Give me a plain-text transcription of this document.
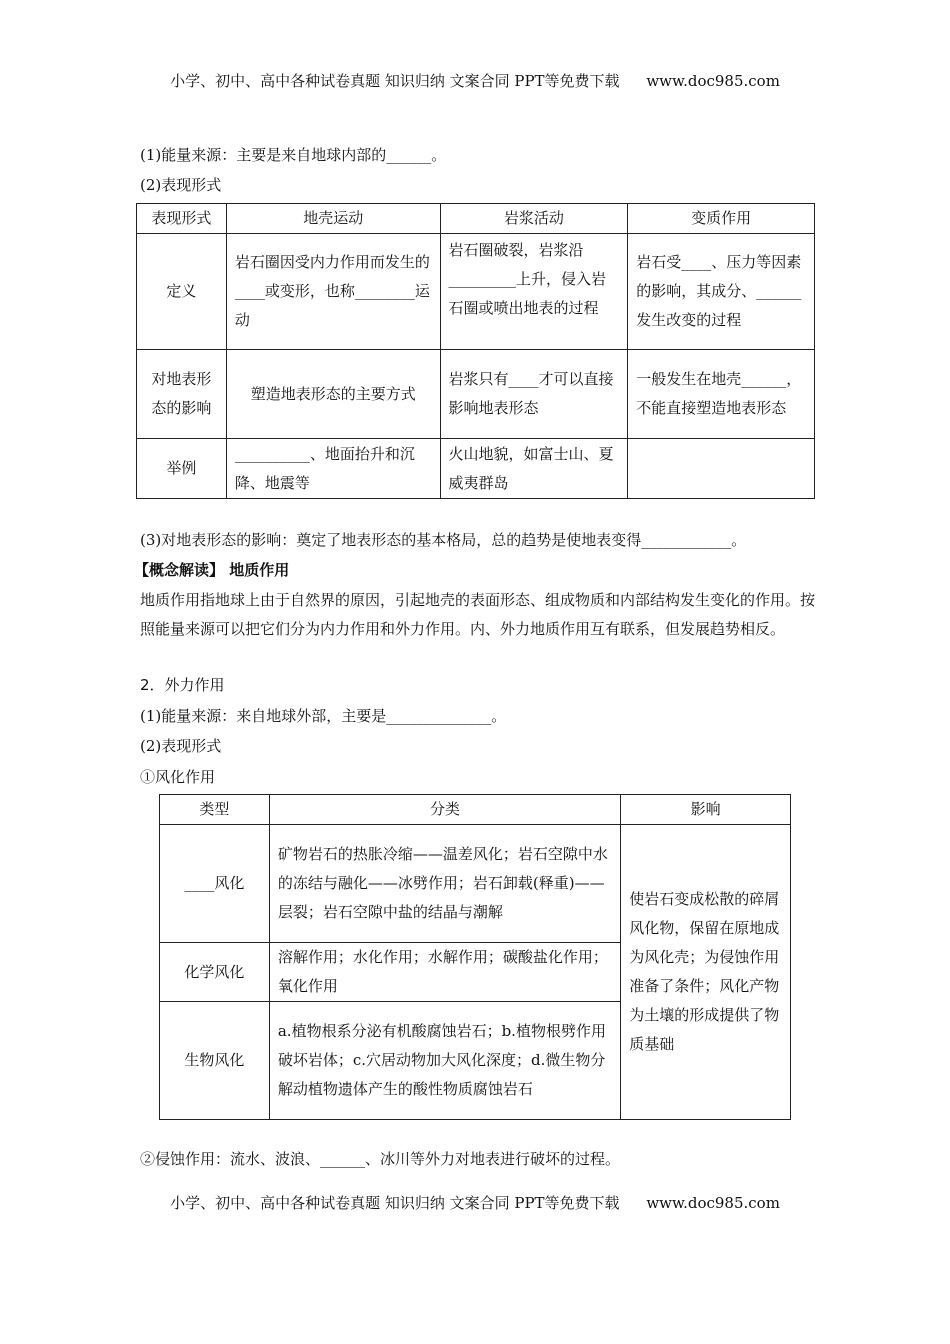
小学、初中、高中各种试卷真题 知识归纳 文案合同 PPT等免费下载 www.doc985.com
(1)能量来源：主要是来自地球内部的______。
(2)表现形式
表现形式	地壳运动	岩浆活动	变质作用
定义	岩石圈因受内力作用而发生的____或变形，也称________运动	岩石圈破裂，岩浆沿_________上升，侵入岩石圈或喷出地表的过程	岩石受____、压力等因素的影响，其成分、______发生改变的过程
对地表形态的影响	塑造地表形态的主要方式	岩浆只有____才可以直接影响地表形态	一般发生在地壳______，不能直接塑造地表形态
举例	__________、地面抬升和沉降、地震等	火山地貌，如富士山、夏威夷群岛	
(3)对地表形态的影响：奠定了地表形态的基本格局，总的趋势是使地表变得____________。
【概念解读】 地质作用
地质作用指地球上由于自然界的原因，引起地壳的表面形态、组成物质和内部结构发生变化的作用。按照能量来源可以把它们分为内力作用和外力作用。内、外力地质作用互有联系，但发展趋势相反。
2．外力作用
(1)能量来源：来自地球外部，主要是______________。
(2)表现形式
①风化作用
类型	分类	影响
____风化	矿物岩石的热胀冷缩——温差风化；岩石空隙中水的冻结与融化——冰劈作用；岩石卸载(释重)——层裂；岩石空隙中盐的结晶与潮解	使岩石变成松散的碎屑风化物，保留在原地成为风化壳；为侵蚀作用准备了条件；风化产物为土壤的形成提供了物质基础
化学风化	溶解作用；水化作用；水解作用；碳酸盐化作用；氧化作用	
生物风化	a.植物根系分泌有机酸腐蚀岩石；b.植物根劈作用破坏岩体；c.穴居动物加大风化深度；d.微生物分解动植物遗体产生的酸性物质腐蚀岩石	
②侵蚀作用：流水、波浪、______、冰川等外力对地表进行破坏的过程。
小学、初中、高中各种试卷真题 知识归纳 文案合同 PPT等免费下载 www.doc985.com
